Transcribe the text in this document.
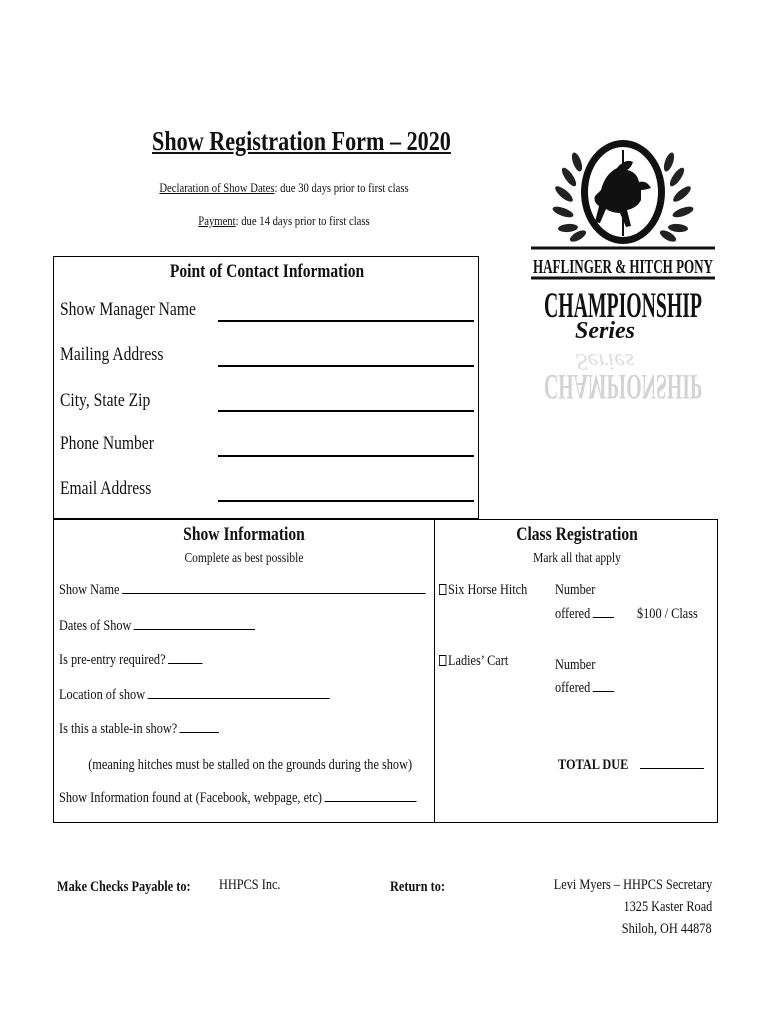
Show Registration Form – 2020
Declaration of Show Dates: due 30 days prior to first class
Payment: due 14 days prior to first class
HAFLINGER & HITCH PONY
CHAMPIONSHIP
Series
CHAMPIONSHIP
Series
Point of Contact Information
Show Manager Name
Mailing Address
City, State Zip
Phone Number
Email Address
Show Information
Complete as best possible
Show Name
Dates of Show
Is pre-entry required?
Location of show
Is this a stable-in show?
(meaning hitches must be stalled on the grounds during the show)
Show Information found at (Facebook, webpage, etc)
Class Registration
Mark all that apply
Six Horse Hitch Number
offered	$100 / Class
Ladies’ Cart	Number
offered
TOTAL DUE
Make Checks Payable to: HHPCS Inc.	Return to:	Levi Myers – HHPCS Secretary
1325 Kaster Road
Shiloh, OH 44878
